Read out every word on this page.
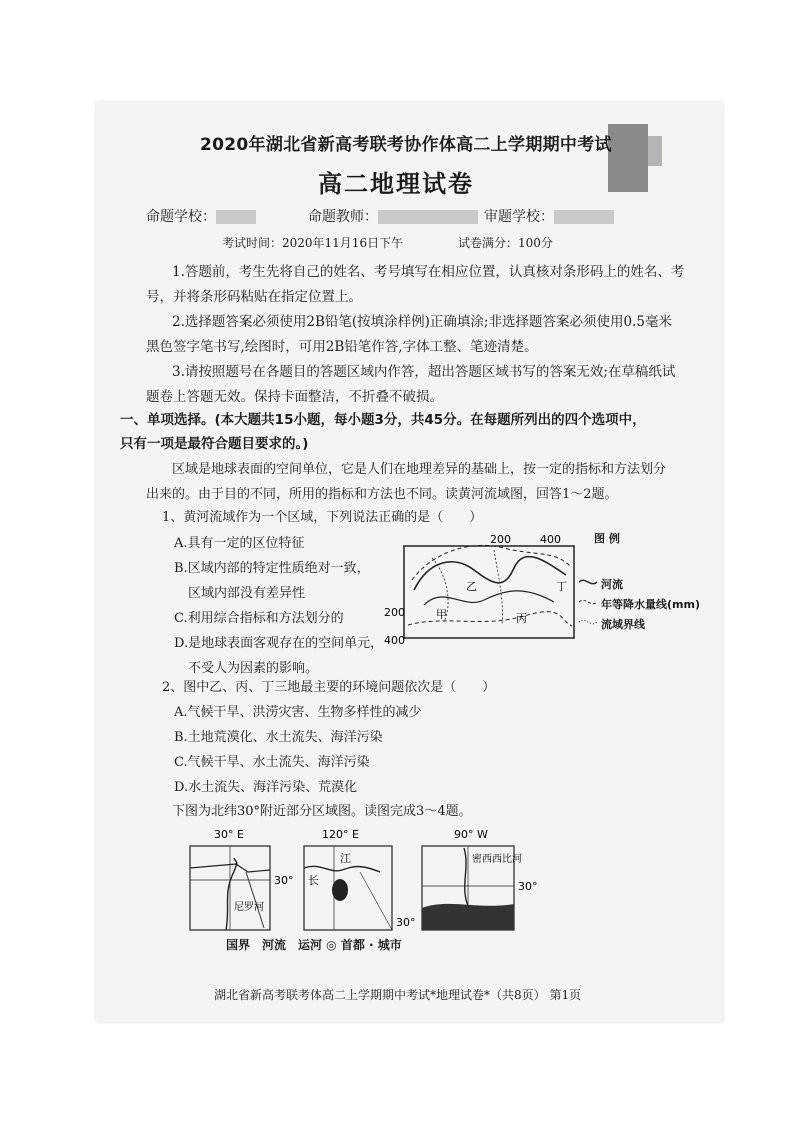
2020年湖北省新高考联考协作体高二上学期期中考试
高二地理试卷
命题学校：	命题教师：	审题学校：
考试时间：2020年11月16日下午	试卷满分：100分
1.答题前，考生先将自己的姓名、考号填写在相应位置，认真核对条形码上的姓名、考
号，并将条形码粘贴在指定位置上。
2.选择题答案必须使用2B铅笔(按填涂样例)正确填涂;非选择题答案必须使用0.5毫米
黑色签字笔书写,绘图时，可用2B铅笔作答,字体工整、笔迹清楚。
3.请按照题号在各题目的答题区域内作答，超出答题区域书写的答案无效;在草稿纸试
题卷上答题无效。保持卡面整洁，不折叠不破损。
一、单项选择。(本大题共15小题，每小题3分，共45分。在每题所列出的四个选项中，
只有一项是最符合题目要求的。)
区域是地球表面的空间单位，它是人们在地理差异的基础上，按一定的指标和方法划分
出来的。由于目的不同，所用的指标和方法也不同。读黄河流域图，回答1～2题。
1、黄河流域作为一个区域，下列说法正确的是（　　）
A.具有一定的区位特征
B.区域内部的特定性质绝对一致，
区域内部没有差异性
C.利用综合指标和方法划分的
D.是地球表面客观存在的空间单元，
不受人为因素的影响。
200	400
200
400
乙
甲	丙
丁
图 例
河流
年等降水量线(mm)
流域界线
2、图中乙、丙、丁三地最主要的环境问题依次是（　　）
A.气候干旱、洪涝灾害、生物多样性的减少
B.土地荒漠化、水土流失、海洋污染
C.气候干旱、水土流失、海洋污染
D.水土流失、海洋污染、荒漠化
下图为北纬30°附近部分区域图。读图完成3～4题。
30° E
30°
尼罗河
120° E
江
长
30°
90° W
密西西比河
30°
国界　河流　运河 ◎ 首都 · 城市
湖北省新高考联考体高二上学期期中考试*地理试卷*（共8页） 第1页
